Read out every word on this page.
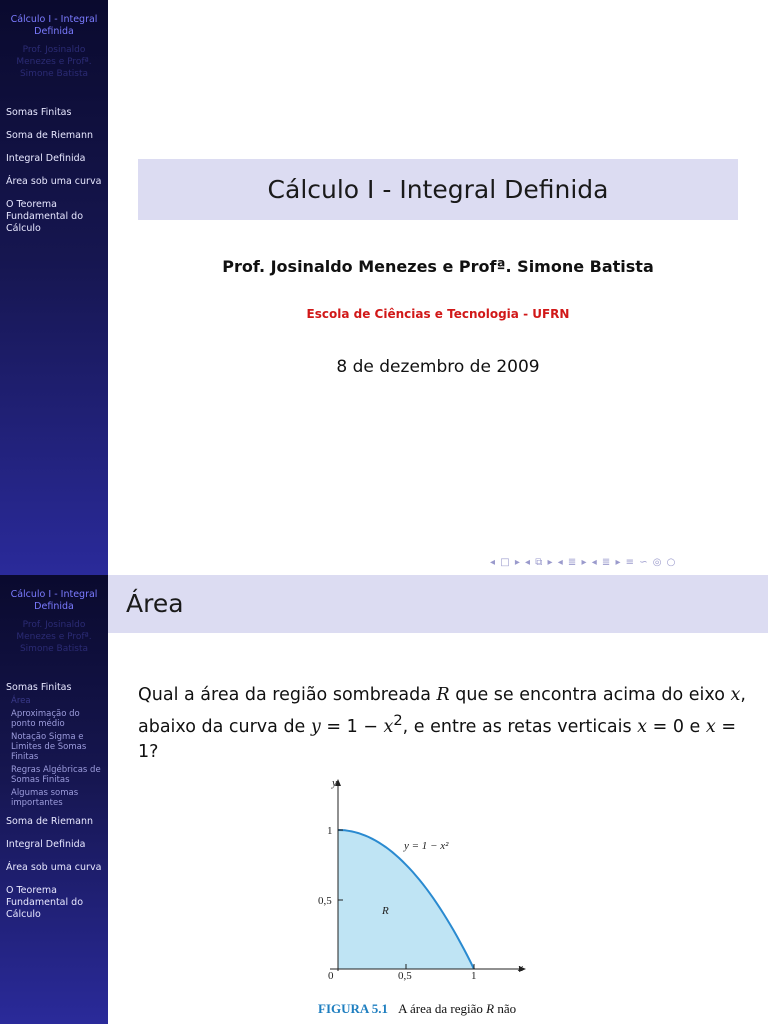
Cálculo I - Integral Definida
Prof. Josinaldo Menezes e Profª. Simone Batista
Somas Finitas
Soma de Riemann
Integral Definida
Área sob uma curva
O Teorema Fundamental do Cálculo
Cálculo I - Integral Definida
Prof. Josinaldo Menezes e Profª. Simone Batista
Escola de Ciências e Tecnologia - UFRN
8 de dezembro de 2009
◂ □ ▸ ◂ ⧉ ▸ ◂ ≣ ▸ ◂ ≣ ▸ ≡ ∽ ◎ ○
Cálculo I - Integral Definida
Prof. Josinaldo Menezes e Profª. Simone Batista
Somas Finitas
Área
Aproximação do ponto médio
Notação Sigma e Limites de Somas Finitas
Regras Algébricas de Somas Finitas
Algumas somas importantes
Soma de Riemann
Integral Definida
Área sob uma curva
O Teorema Fundamental do Cálculo
Área
Qual a área da região sombreada R que se encontra acima do eixo x, abaixo da curva de $y = 1 - x^2$, e entre as retas verticais x = 0 e x = 1?
y
x
1
0,5
0	0,5	1
y = 1 − x²
R
FIGURA 5.1 A área da região R não
